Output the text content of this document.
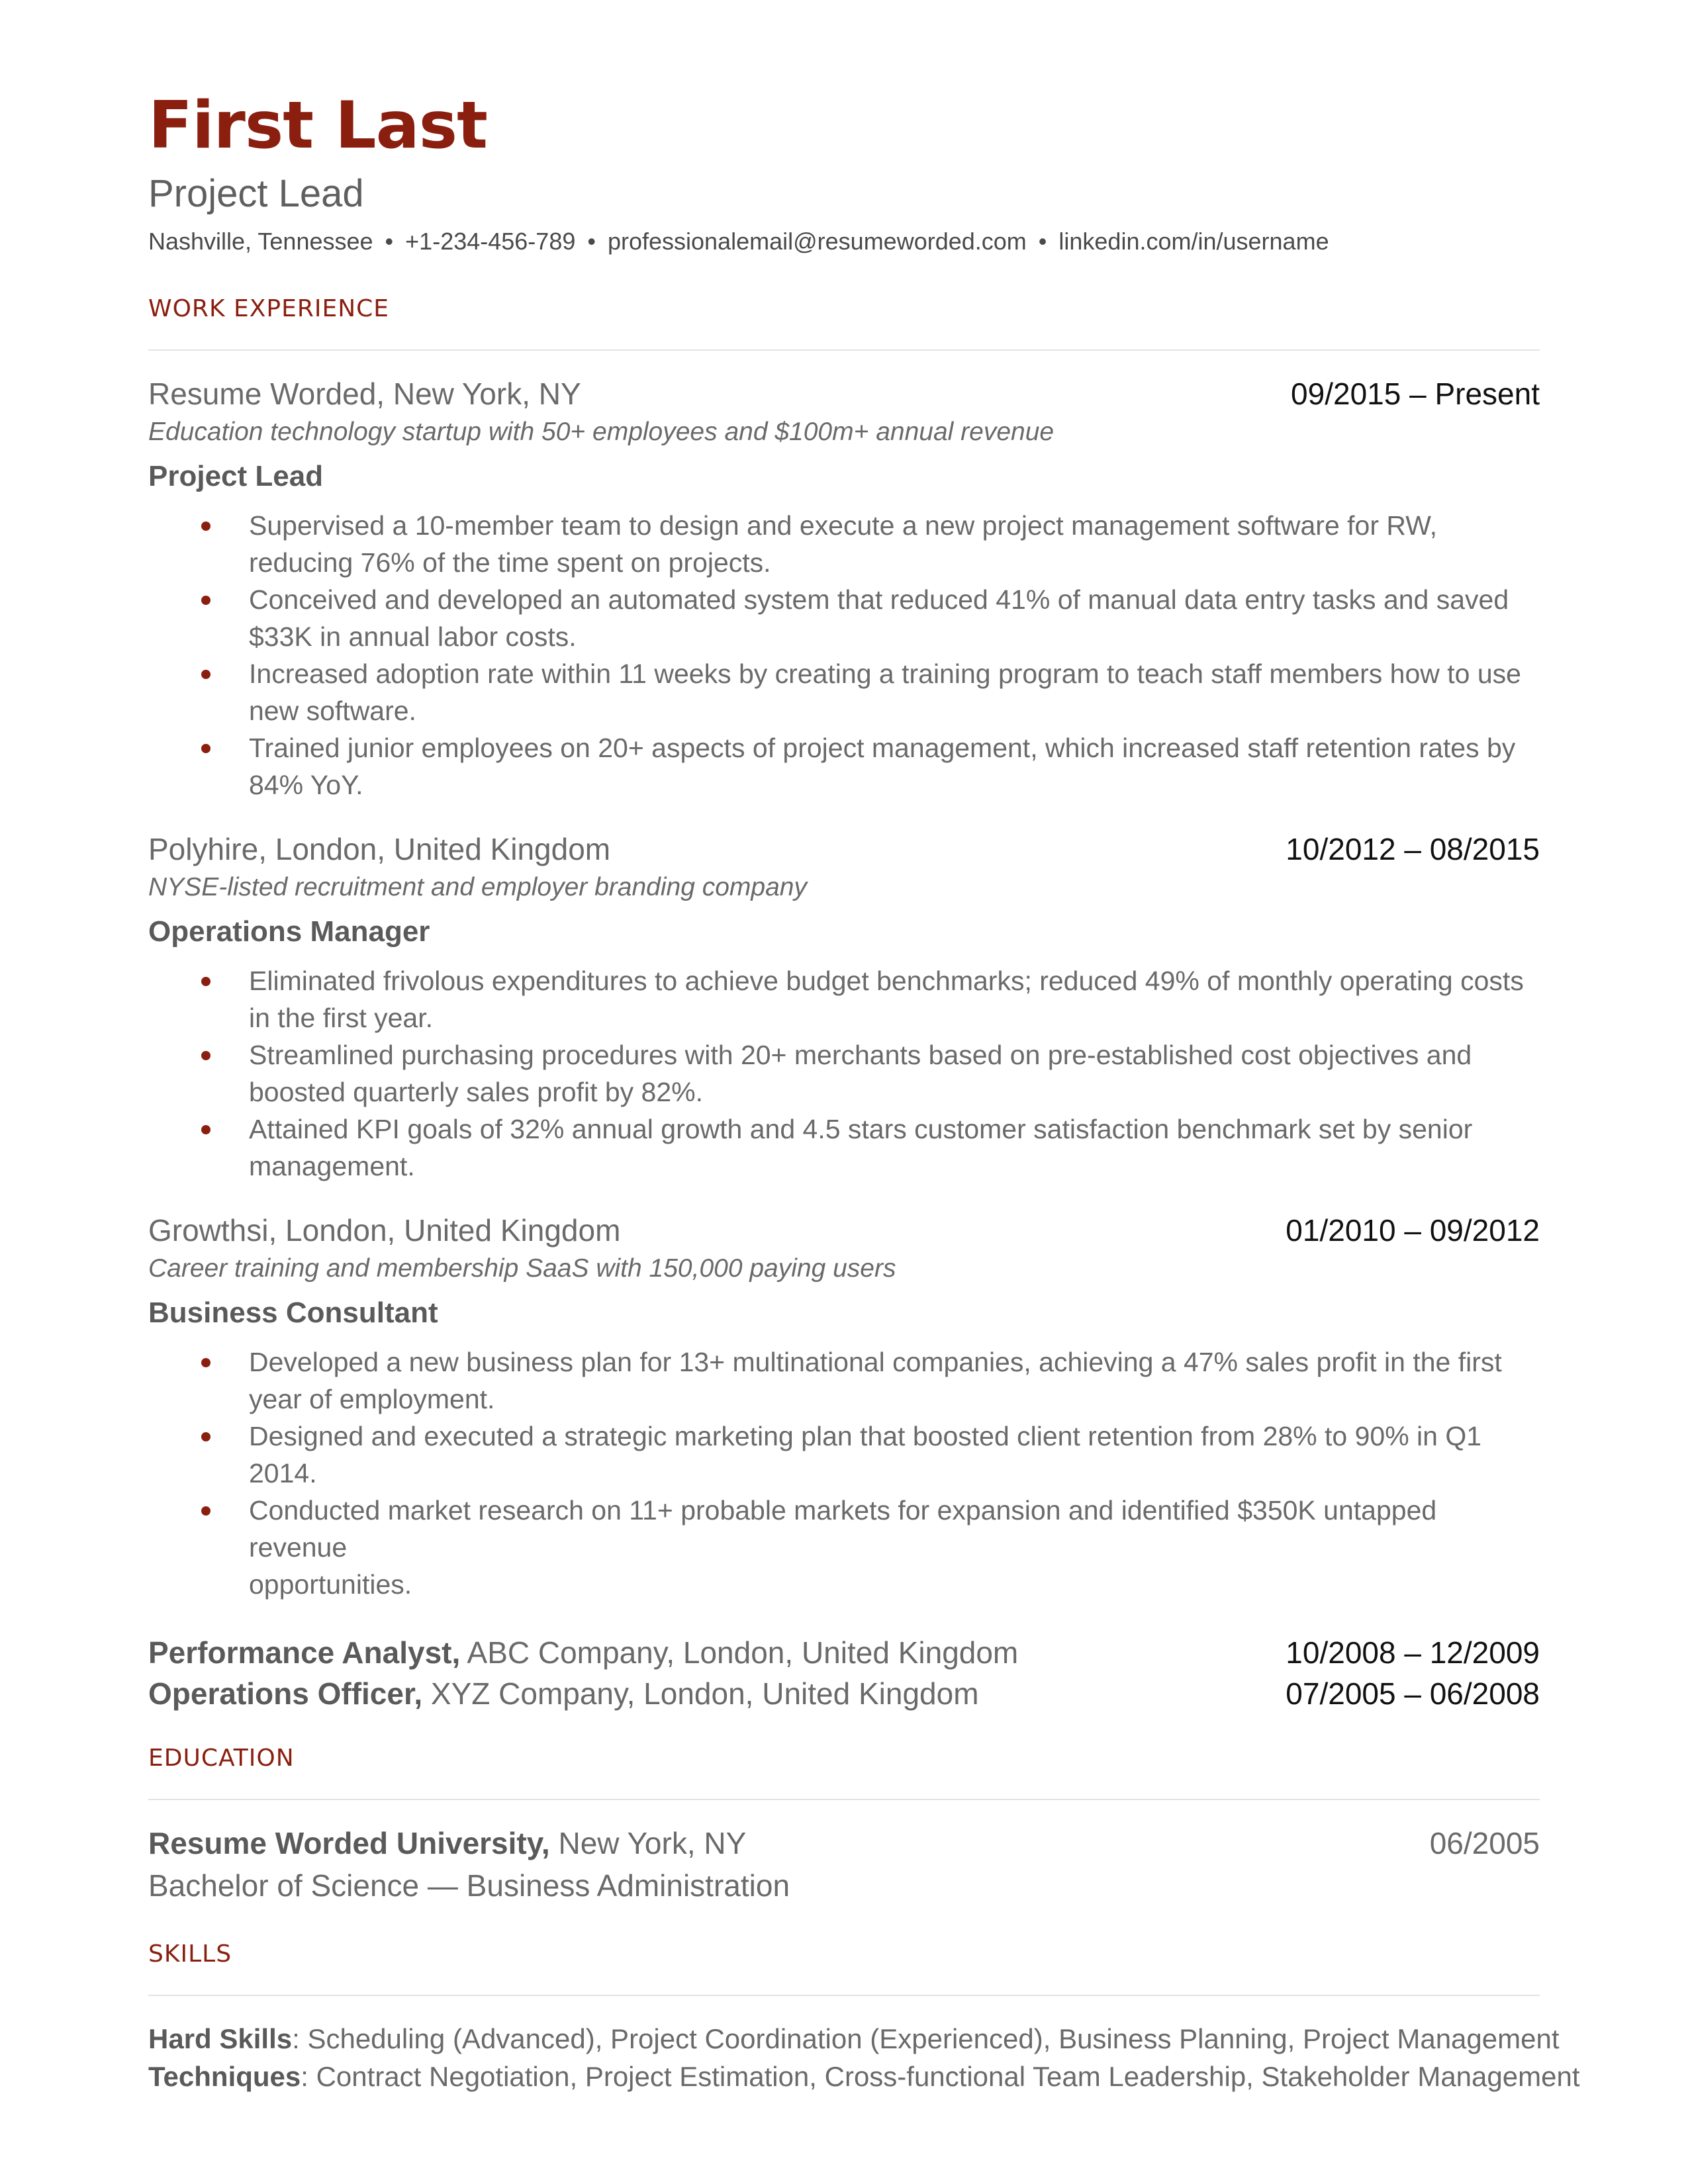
First Last
Project Lead
Nashville, Tennessee • +1-234-456-789 • professionalemail@resumeworded.com • linkedin.com/in/username
WORK EXPERIENCE
Resume Worded, New York, NY	09/2015 – Present
Education technology startup with 50+ employees and $100m+ annual revenue
Project Lead
Supervised a 10-member team to design and execute a new project management software for RW,
reducing 76% of the time spent on projects.
Conceived and developed an automated system that reduced 41% of manual data entry tasks and saved
$33K in annual labor costs.
Increased adoption rate within 11 weeks by creating a training program to teach staff members how to use
new software.
Trained junior employees on 20+ aspects of project management, which increased staff retention rates by
84% YoY.
Polyhire, London, United Kingdom	10/2012 – 08/2015
NYSE-listed recruitment and employer branding company
Operations Manager
Eliminated frivolous expenditures to achieve budget benchmarks; reduced 49% of monthly operating costs
in the first year.
Streamlined purchasing procedures with 20+ merchants based on pre-established cost objectives and
boosted quarterly sales profit by 82%.
Attained KPI goals of 32% annual growth and 4.5 stars customer satisfaction benchmark set by senior
management.
Growthsi, London, United Kingdom	01/2010 – 09/2012
Career training and membership SaaS with 150,000 paying users
Business Consultant
Developed a new business plan for 13+ multinational companies, achieving a 47% sales profit in the first
year of employment.
Designed and executed a strategic marketing plan that boosted client retention from 28% to 90% in Q1
2014.
Conducted market research on 11+ probable markets for expansion and identified $350K untapped revenue
opportunities.
Performance Analyst, ABC Company, London, United Kingdom	10/2008 – 12/2009
Operations Officer, XYZ Company, London, United Kingdom	07/2005 – 06/2008
EDUCATION
Resume Worded University, New York, NY	06/2005
Bachelor of Science — Business Administration
SKILLS
Hard Skills: Scheduling (Advanced), Project Coordination (Experienced), Business Planning, Project Management
Techniques: Contract Negotiation, Project Estimation, Cross-functional Team Leadership, Stakeholder Management
